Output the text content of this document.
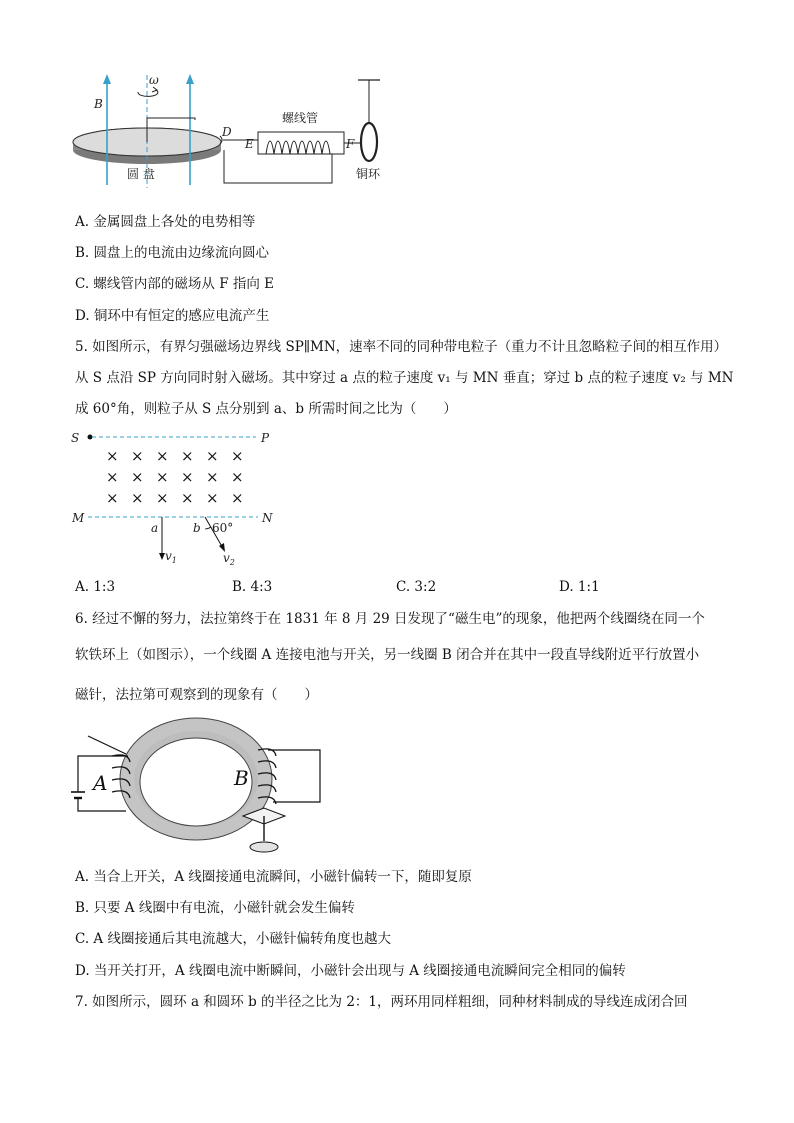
B
ω
D
E	F
螺线管
圆 盘	铜环
A. 金属圆盘上各处的电势相等
B. 圆盘上的电流由边缘流向圆心
C. 螺线管内部的磁场从 F 指向 E
D. 铜环中有恒定的感应电流产生
5. 如图所示，有界匀强磁场边界线 SP∥MN，速率不同的同种带电粒子（重力不计且忽略粒子间的相互作用）
从 S 点沿 SP 方向同时射入磁场。其中穿过 a 点的粒子速度 v₁ 与 MN 垂直；穿过 b 点的粒子速度 v₂ 与 MN
成 60°角，则粒子从 S 点分别到 a、b 所需时间之比为（　　）
× × × × × ×
× × × × × ×
× × × × × ×
S	P
M	N
a	b 60°
$v_1$	$v_2$
A. 1:3	B. 4:3	C. 3:2	D. 1:1
6. 经过不懈的努力，法拉第终于在 1831 年 8 月 29 日发现了“磁生电”的现象，他把两个线圈绕在同一个
软铁环上（如图示），一个线圈 A 连接电池与开关，另一线圈 B 闭合并在其中一段直导线附近平行放置小
磁针，法拉第可观察到的现象有（　　）
A	B
A. 当合上开关，A 线圈接通电流瞬间，小磁针偏转一下，随即复原
B. 只要 A 线圈中有电流，小磁针就会发生偏转
C. A 线圈接通后其电流越大，小磁针偏转角度也越大
D. 当开关打开，A 线圈电流中断瞬间，小磁针会出现与 A 线圈接通电流瞬间完全相同的偏转
7. 如图所示，圆环 a 和圆环 b 的半径之比为 2：1，两环用同样粗细，同种材料制成的导线连成闭合回
